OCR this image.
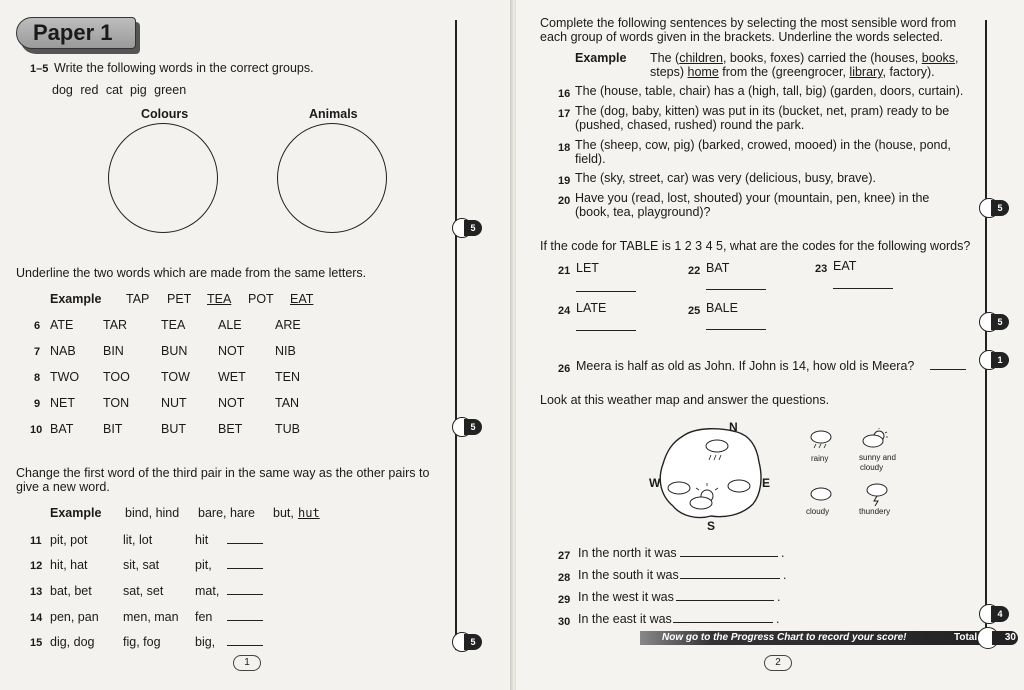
Paper 1
1–5 Write the following words in the correct groups.
dog red cat pig green
Colours	Animals
Underline the two words which are made from the same letters.
Example TAP PET TEA POT EAT
6 ATE TAR	TEA	ALE	ARE
7 NAB BIN	BUN NOT NIB
8 TWO TOO TOW WET TEN
9 NET TON	NUT	NOT TAN
10 BAT BIT	BUT	BET	TUB
Change the first word of the third pair in the same way as the other pairs to
give a new word.
Example bind, hind bare, hare but, hut
11 pit, pot	lit, lot	hit
12 hit, hat	sit, sat	pit,
13 bat, bet	sat, set	mat,
14 pen, pan men, man fen
15 dig, dog fig, fog	big,
5
5
5
1
Complete the following sentences by selecting the most sensible word from
each group of words given in the brackets. Underline the words selected.
Example The (children, books, foxes) carried the (houses, books,
steps) home from the (greengrocer, library, factory).
16 The (house, table, chair) has a (high, tall, big) (garden, doors, curtain).
17 The (dog, baby, kitten) was put in its (bucket, net, pram) ready to be
(pushed, chased, rushed) round the park.
18 The (sheep, cow, pig) (barked, crowed, mooed) in the (house, pond,
field).
19 The (sky, street, car) was very (delicious, busy, brave).
20 Have you (read, lost, shouted) your (mountain, pen, knee) in the
(book, tea, playground)?
If the code for TABLE is 1 2 3 4 5, what are the codes for the following words?
21 LET	22 BAT	23 EAT
24 LATE	25 BALE
26 Meera is half as old as John. If John is 14, how old is Meera?
Look at this weather map and answer the questions.
N
S
E
W
rainy	sunny and
cloudy
cloudy	thundery
27 In the north it was	.
28 In the south it was	.
29 In the west it was	.
30 In the east it was	.
5
5
1
4
Now go to the Progress Chart to record your score!	Total	30
2
